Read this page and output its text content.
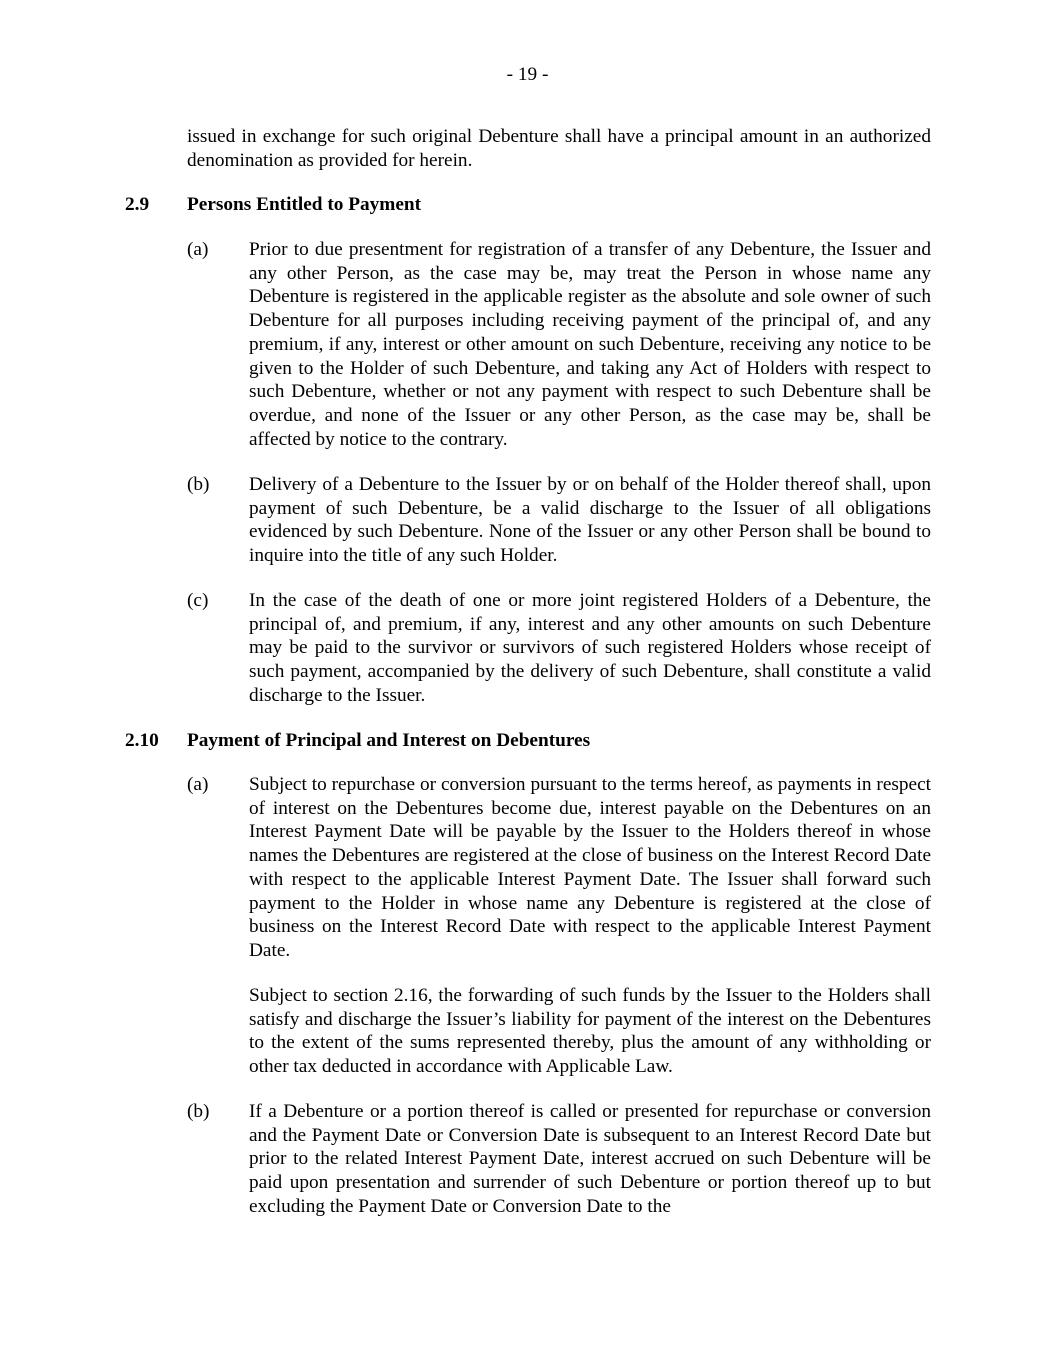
- 19 -

issued in exchange for such original Debenture shall have a principal amount in an authorized denomination as provided for herein.

2.9 Persons Entitled to Payment
(a) Prior to due presentment for registration of a transfer of any Debenture, the Issuer and any other Person, as the case may be, may treat the Person in whose name any Debenture is registered in the applicable register as the absolute and sole owner of such Debenture for all purposes including receiving payment of the principal of, and any premium, if any, interest or other amount on such Debenture, receiving any notice to be given to the Holder of such Debenture, and taking any Act of Holders with respect to such Debenture, whether or not any payment with respect to such Debenture shall be overdue, and none of the Issuer or any other Person, as the case may be, shall be affected by notice to the contrary.

(b) Delivery of a Debenture to the Issuer by or on behalf of the Holder thereof shall, upon payment of such Debenture, be a valid discharge to the Issuer of all obligations evidenced by such Debenture. None of the Issuer or any other Person shall be bound to inquire into the title of any such Holder.

(c) In the case of the death of one or more joint registered Holders of a Debenture, the principal of, and premium, if any, interest and any other amounts on such Debenture may be paid to the survivor or survivors of such registered Holders whose receipt of such payment, accompanied by the delivery of such Debenture, shall constitute a valid discharge to the Issuer.

2.10 Payment of Principal and Interest on Debentures
(a) Subject to repurchase or conversion pursuant to the terms hereof, as payments in respect of interest on the Debentures become due, interest payable on the Debentures on an Interest Payment Date will be payable by the Issuer to the Holders thereof in whose names the Debentures are registered at the close of business on the Interest Record Date with respect to the applicable Interest Payment Date. The Issuer shall forward such payment to the Holder in whose name any Debenture is registered at the close of business on the Interest Record Date with respect to the applicable Interest Payment Date.

Subject to section 2.16, the forwarding of such funds by the Issuer to the Holders shall satisfy and discharge the Issuer’s liability for payment of the interest on the Debentures to the extent of the sums represented thereby, plus the amount of any withholding or other tax deducted in accordance with Applicable Law.

(b) If a Debenture or a portion thereof is called or presented for repurchase or conversion and the Payment Date or Conversion Date is subsequent to an Interest Record Date but prior to the related Interest Payment Date, interest accrued on such Debenture will be paid upon presentation and surrender of such Debenture or portion thereof up to but excluding the Payment Date or Conversion Date to the
